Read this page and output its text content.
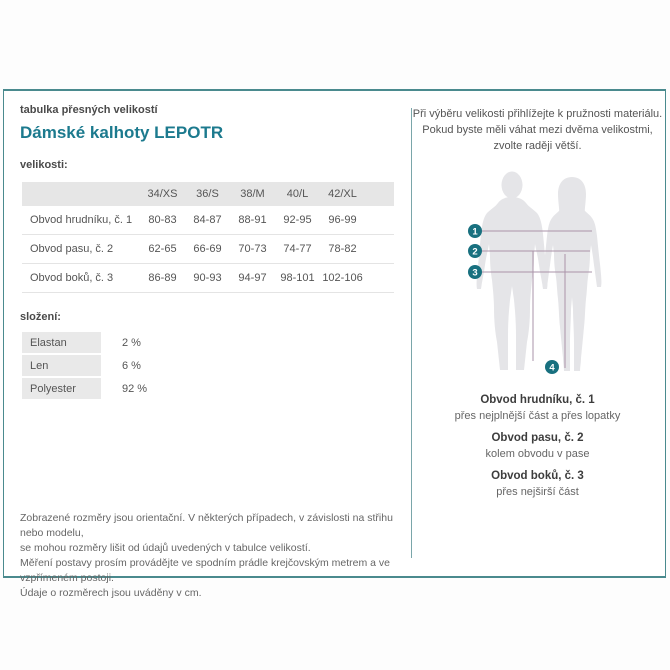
tabulka přesných velikostí
Dámské kalhoty LEPOTR
velikosti:
34/XS	36/S	38/M	40/L	42/XL
Obvod hrudníku, č. 1	80-83	84-87	88-91	92-95	96-99
Obvod pasu, č. 2	62-65	66-69	70-73	74-77	78-82
Obvod boků, č. 3	86-89	90-93	94-97	98-101 102-106
složení:
Elastan	2 %
Len	6 %
Polyester	92 %
Zobrazené rozměry jsou orientační. V některých případech, v závislosti na střihu nebo modelu,
se mohou rozměry lišit od údajů uvedených v tabulce velikostí.
Měření postavy prosím provádějte ve spodním prádle krejčovským metrem a ve vzpřímeném postoji.
Údaje o rozměrech jsou uváděny v cm.
Při výběru velikosti přihlížejte k pružnosti materiálu.
Pokud byste měli váhat mezi dvěma velikostmi,
zvolte raději větší.
1
2
3
4
Obvod hrudníku, č. 1
přes nejplnější část a přes lopatky
Obvod pasu, č. 2
kolem obvodu v pase
Obvod boků, č. 3
přes nejširší část
